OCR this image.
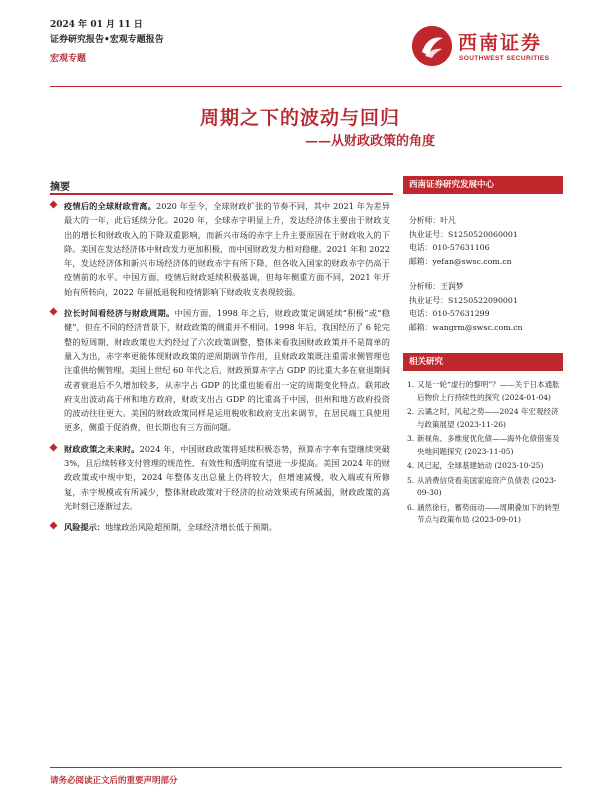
2024 年 01 月 11 日
证券研究报告•宏观专题报告
宏观专题
西南证券
SOUTHWEST SECURITIES
周期之下的波动与回归
——从财政政策的角度
摘要
疫情后的全球财政背离。2020 年至今，全球财政扩张的节奏不同，其中 2021 年为差异最大的一年，此后延续分化。2020 年，全球赤字明显上升，发达经济体主要由于财政支出的增长和财政收入的下降双重影响，而新兴市场的赤字上升主要原因在于财政收入的下降。美国在发达经济体中财政发力更加积极，而中国财政发力相对稳健。2021 年和 2022 年，发达经济体和新兴市场经济体的财政赤字有所下降，但各收入国家的财政赤字仍高于疫情前的水平。中国方面，疫情后财政延续积极基调，但每年侧重方面不同，2021 年开始有所转向，2022 年留抵退税和疫情影响下财政收支表现较弱。
拉长时间看经济与财政周期。中国方面，1998 年之后，财政政策定调延续“积极”或“稳健”，但在不同的经济背景下，财政政策的侧重并不相同。1998 年后，我国经历了 6 轮完整的短周期，财政政策也大约经过了六次政策调整，整体来看我国财政政策并不是简单的量入为出，赤字率更能体现财政政策的逆周期调节作用，且财政政策既注重需求侧管理也注重供给侧管理。美国上世纪 60 年代之后，财政预算赤字占 GDP 的比重大多在衰退期间或者衰退后不久增加较多，从赤字占 GDP 的比重也能看出一定的周期变化特点。联邦政府支出波动高于州和地方政府，财政支出占 GDP 的比重高于中国，但州和地方政府投资的波动往往更大。美国的财政政策同样是运用税收和政府支出来调节，在居民端工具使用更多，侧重于促消费，但长期也有三方面问题。
财政政策之未来时。2024 年，中国财政政策将延续积极态势，预算赤字率有望继续突破 3%，且后续转移支付管理的规范性、有效性和透明度有望进一步提高。美国 2024 年的财政政策或中规中矩，2024 年整体支出总量上仍将较大，但增速减慢，收入端或有所修复，赤字规模或有所减少，整体财政政策对于经济的拉动效果或有所减弱，财政政策的高光时刻已逐渐过去。
风险提示：地缘政治风险超预期，全球经济增长低于预期。
西南证券研究发展中心
分析师：叶凡
执业证号：S1250520060001
电话：010-57631106
邮箱：yefan@swsc.com.cn
分析师：王润梦
执业证号：S1250522090001
电话：010-57631299
邮箱：wangrm@swsc.com.cn
相关研究
1. 又是一轮“虚行的黎明”？——关于日本通胀后物价上行持续性的探究 (2024-01-04)
2. 云谲之时，风起之势——2024 年宏观经济与政策展望 (2023-11-26)
3. 新视角、多维度优化债——海外化债借鉴及央地问题探究 (2023-11-05)
4. 风已起，全球基建始动 (2023-10-25)
5. 从消费信贷看美国家庭资产负债表 (2023-09-30)
6. 涵然徐行，蓄势而动——周期叠加下的转型节点与政策布局 (2023-09-01)
请务必阅读正文后的重要声明部分
